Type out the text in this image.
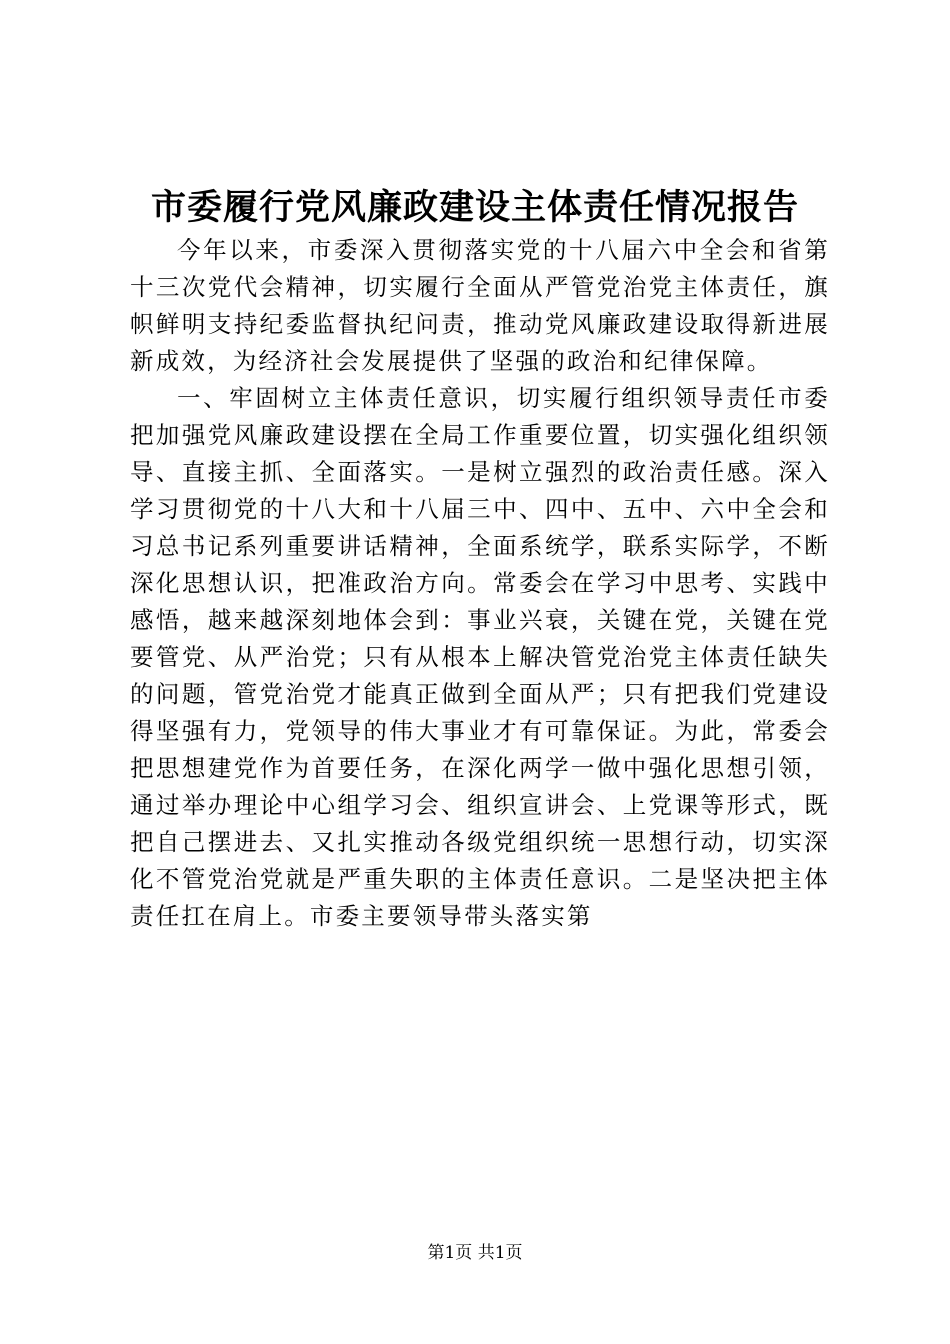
市委履行党风廉政建设主体责任情况报告

今年以来，市委深入贯彻落实党的十八届六中全会和省第十三次党代会精神，切实履行全面从严管党治党主体责任，旗帜鲜明支持纪委监督执纪问责，推动党风廉政建设取得新进展新成效，为经济社会发展提供了坚强的政治和纪律保障。

一、牢固树立主体责任意识，切实履行组织领导责任市委把加强党风廉政建设摆在全局工作重要位置，切实强化组织领导、直接主抓、全面落实。一是树立强烈的政治责任感。深入学习贯彻党的十八大和十八届三中、四中、五中、六中全会和习总书记系列重要讲话精神，全面系统学，联系实际学，不断深化思想认识，把准政治方向。常委会在学习中思考、实践中感悟，越来越深刻地体会到：事业兴衰，关键在党，关键在党要管党、从严治党；只有从根本上解决管党治党主体责任缺失的问题，管党治党才能真正做到全面从严；只有把我们党建设得坚强有力，党领导的伟大事业才有可靠保证。为此，常委会把思想建党作为首要任务，在深化两学一做中强化思想引领，通过举办理论中心组学习会、组织宣讲会、上党课等形式，既把自己摆进去、又扎实推动各级党组织统一思想行动，切实深化不管党治党就是严重失职的主体责任意识。二是坚决把主体责任扛在肩上。市委主要领导带头落实第

第1页 共1页
